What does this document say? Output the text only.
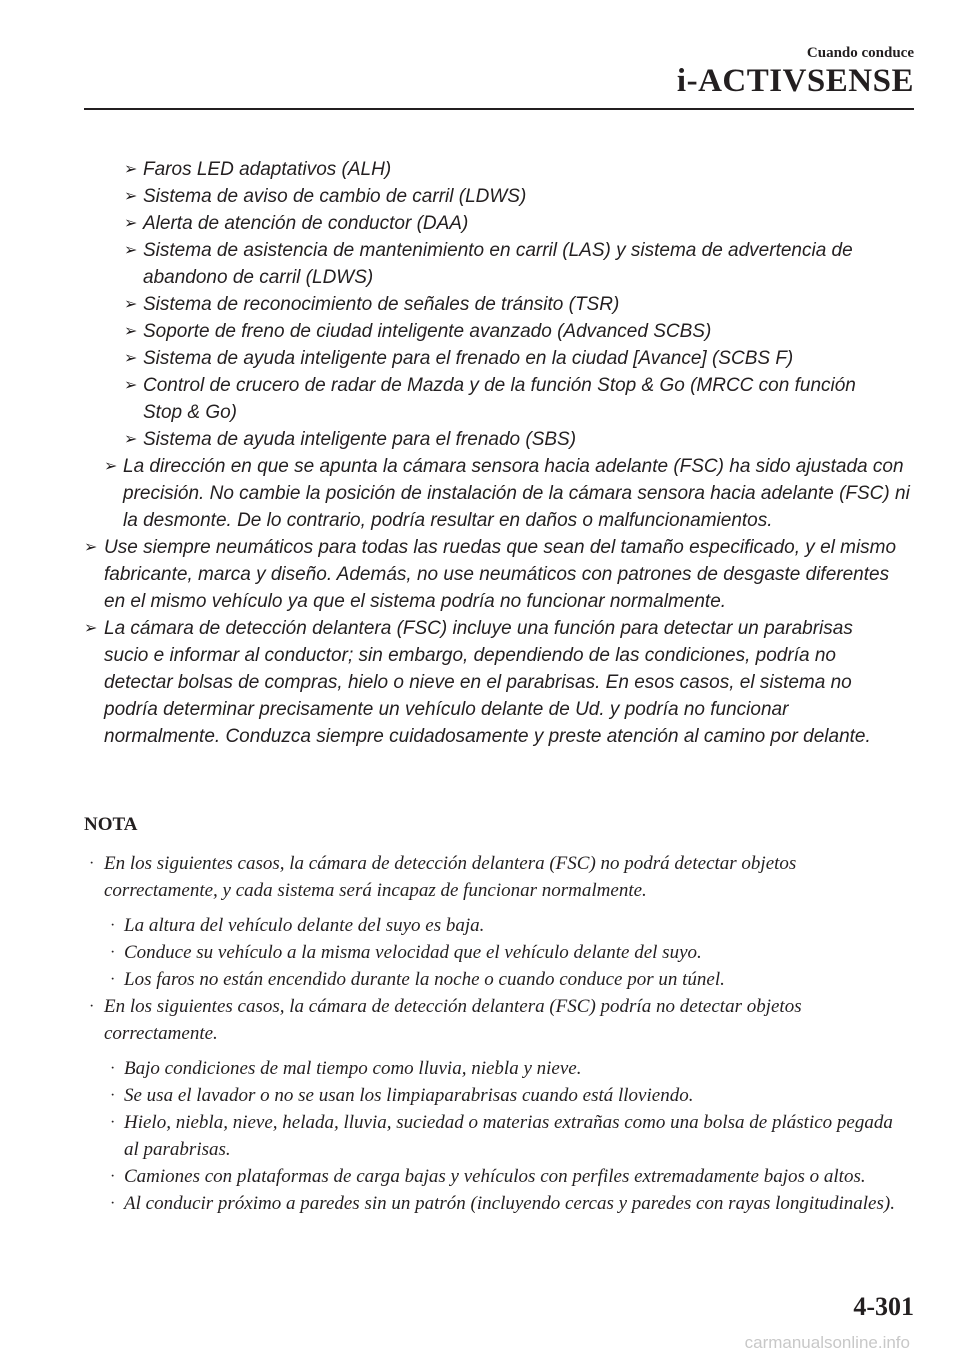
Cuando conduce
i-ACTIVSENSE
➢ Faros LED adaptativos (ALH)
➢ Sistema de aviso de cambio de carril (LDWS)
➢ Alerta de atención de conductor (DAA)
➢ Sistema de asistencia de mantenimiento en carril (LAS) y sistema de advertencia de abandono de carril (LDWS)
➢ Sistema de reconocimiento de señales de tránsito (TSR)
➢ Soporte de freno de ciudad inteligente avanzado (Advanced SCBS)
➢ Sistema de ayuda inteligente para el frenado en la ciudad [Avance] (SCBS F)
➢ Control de crucero de radar de Mazda y de la función Stop & Go (MRCC con función Stop & Go)
➢ Sistema de ayuda inteligente para el frenado (SBS)
➢ La dirección en que se apunta la cámara sensora hacia adelante (FSC) ha sido ajustada con precisión. No cambie la posición de instalación de la cámara sensora hacia adelante (FSC) ni la desmonte. De lo contrario, podría resultar en daños o malfuncionamientos.
➢ Use siempre neumáticos para todas las ruedas que sean del tamaño especificado, y el mismo fabricante, marca y diseño. Además, no use neumáticos con patrones de desgaste diferentes en el mismo vehículo ya que el sistema podría no funcionar normalmente.
➢ La cámara de detección delantera (FSC) incluye una función para detectar un parabrisas sucio e informar al conductor; sin embargo, dependiendo de las condiciones, podría no detectar bolsas de compras, hielo o nieve en el parabrisas. En esos casos, el sistema no podría determinar precisamente un vehículo delante de Ud. y podría no funcionar normalmente. Conduzca siempre cuidadosamente y preste atención al camino por delante.
NOTA
· En los siguientes casos, la cámara de detección delantera (FSC) no podrá detectar objetos correctamente, y cada sistema será incapaz de funcionar normalmente.
· La altura del vehículo delante del suyo es baja.
· Conduce su vehículo a la misma velocidad que el vehículo delante del suyo.
· Los faros no están encendido durante la noche o cuando conduce por un túnel.
· En los siguientes casos, la cámara de detección delantera (FSC) podría no detectar objetos correctamente.
· Bajo condiciones de mal tiempo como lluvia, niebla y nieve.
· Se usa el lavador o no se usan los limpiaparabrisas cuando está lloviendo.
· Hielo, niebla, nieve, helada, lluvia, suciedad o materias extrañas como una bolsa de plástico pegada al parabrisas.
· Camiones con plataformas de carga bajas y vehículos con perfiles extremadamente bajos o altos.
· Al conducir próximo a paredes sin un patrón (incluyendo cercas y paredes con rayas longitudinales).
4-301
carmanualsonline.info
